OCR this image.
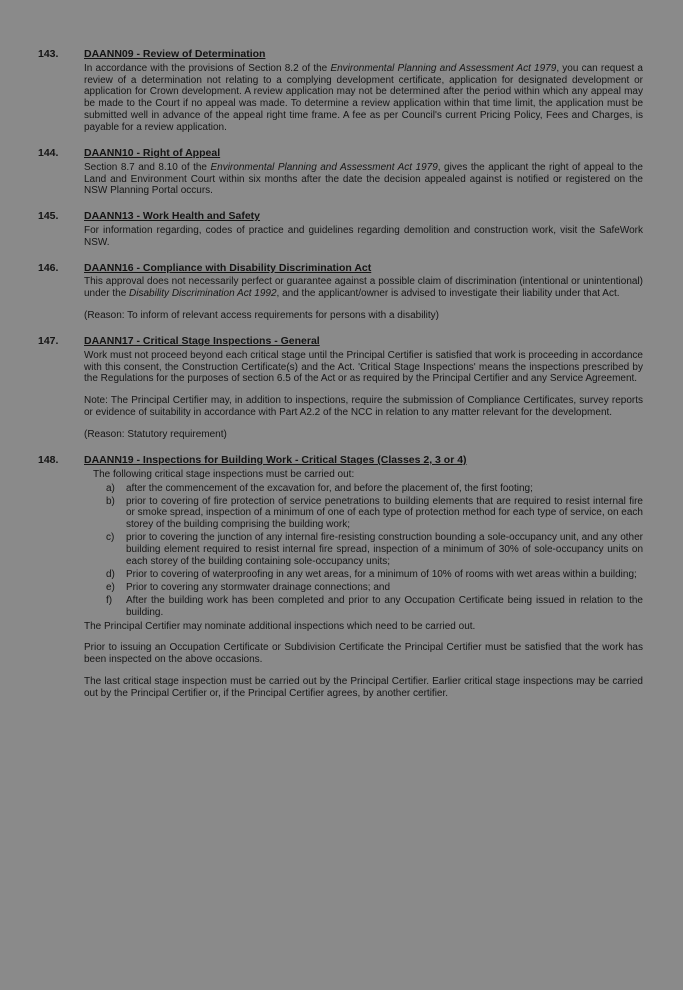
143.	DAANN09 - Review of Determination
In accordance with the provisions of Section 8.2 of the Environmental Planning and Assessment Act 1979, you can request a review of a determination not relating to a complying development certificate, application for designated development or application for Crown development. A review application may not be determined after the period within which any appeal may be made to the Court if no appeal was made. To determine a review application within that time limit, the application must be submitted well in advance of the appeal right time frame. A fee as per Council's current Pricing Policy, Fees and Charges, is payable for a review application.
144.	DAANN10 - Right of Appeal
Section 8.7 and 8.10 of the Environmental Planning and Assessment Act 1979, gives the applicant the right of appeal to the Land and Environment Court within six months after the date the decision appealed against is notified or registered on the NSW Planning Portal occurs.
145.	DAANN13 - Work Health and Safety
For information regarding, codes of practice and guidelines regarding demolition and construction work, visit the SafeWork NSW.
146.	DAANN16 - Compliance with Disability Discrimination Act
This approval does not necessarily perfect or guarantee against a possible claim of discrimination (intentional or unintentional) under the Disability Discrimination Act 1992, and the applicant/owner is advised to investigate their liability under that Act.
(Reason: To inform of relevant access requirements for persons with a disability)
147.	DAANN17 - Critical Stage Inspections - General
Work must not proceed beyond each critical stage until the Principal Certifier is satisfied that work is proceeding in accordance with this consent, the Construction Certificate(s) and the Act. 'Critical Stage Inspections' means the inspections prescribed by the Regulations for the purposes of section 6.5 of the Act or as required by the Principal Certifier and any Service Agreement.
Note: The Principal Certifier may, in addition to inspections, require the submission of Compliance Certificates, survey reports or evidence of suitability in accordance with Part A2.2 of the NCC in relation to any matter relevant for the development.
(Reason: Statutory requirement)
148.	DAANN19 - Inspections for Building Work - Critical Stages (Classes 2, 3 or 4)
The following critical stage inspections must be carried out:
a)	after the commencement of the excavation for, and before the placement of, the first footing;
b)	prior to covering of fire protection of service penetrations to building elements that are required to resist internal fire or smoke spread, inspection of a minimum of one of each type of protection method for each type of service, on each storey of the building comprising the building work;
c)	prior to covering the junction of any internal fire-resisting construction bounding a sole-occupancy unit, and any other building element required to resist internal fire spread, inspection of a minimum of 30% of sole-occupancy units on each storey of the building containing sole-occupancy units;
d)	Prior to covering of waterproofing in any wet areas, for a minimum of 10% of rooms with wet areas within a building;
e)	Prior to covering any stormwater drainage connections; and
f)	After the building work has been completed and prior to any Occupation Certificate being issued in relation to the building.
The Principal Certifier may nominate additional inspections which need to be carried out.
Prior to issuing an Occupation Certificate or Subdivision Certificate the Principal Certifier must be satisfied that the work has been inspected on the above occasions.
The last critical stage inspection must be carried out by the Principal Certifier. Earlier critical stage inspections may be carried out by the Principal Certifier or, if the Principal Certifier agrees, by another certifier.
